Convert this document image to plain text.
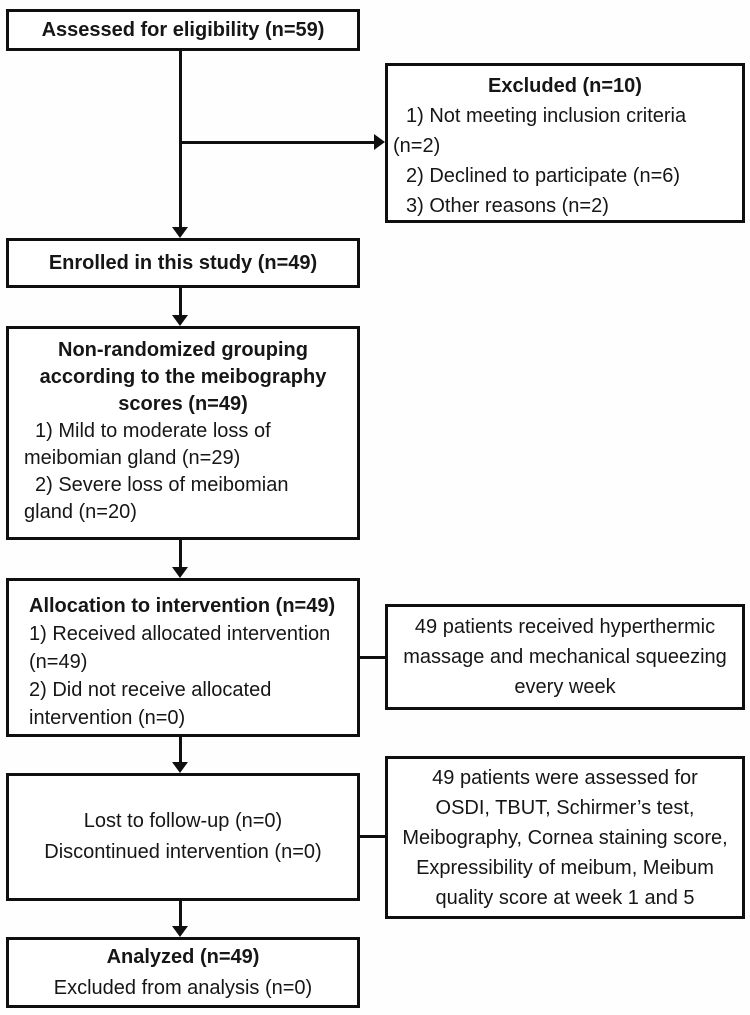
Assessed for eligibility (n=59)
Excluded (n=10)
1) Not meeting inclusion criteria
(n=2)
2) Declined to participate (n=6)
3) Other reasons (n=2)
Enrolled in this study (n=49)
Non-randomized grouping
according to the meibography
scores (n=49)
1) Mild to moderate loss of
meibomian gland (n=29)
2) Severe loss of meibomian
gland (n=20)
Allocation to intervention (n=49)
1) Received allocated intervention
(n=49)
2) Did not receive allocated
intervention (n=0)
49 patients received hyperthermic
massage and mechanical squeezing
every week
Lost to follow-up (n=0)
Discontinued intervention (n=0)
49 patients were assessed for
OSDI, TBUT, Schirmer’s test,
Meibography, Cornea staining score,
Expressibility of meibum, Meibum
quality score at week 1 and 5
Analyzed (n=49)
Excluded from analysis (n=0)
